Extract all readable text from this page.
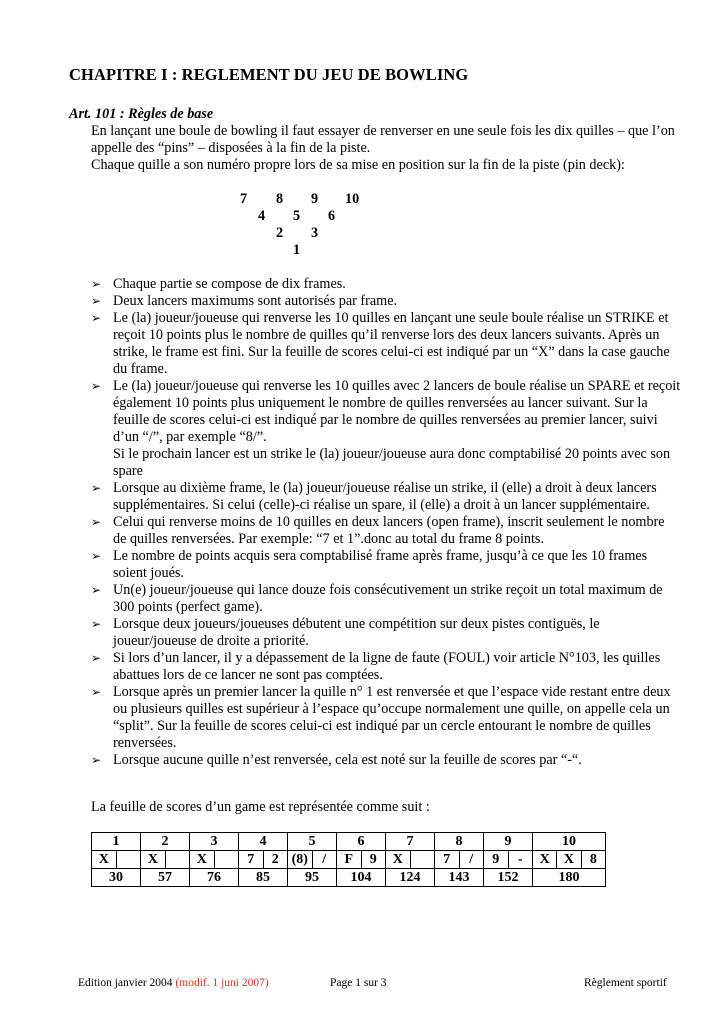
CHAPITRE I : REGLEMENT DU JEU DE BOWLING

Art. 101 : Règles de base

En lançant une boule de bowling il faut essayer de renverser en une seule fois les dix quilles – que l’on appelle des “pins” – disposées à la fin de la piste.

Chaque quille a son numéro propre lors de sa mise en position sur la fin de la piste (pin deck):

7 8 9 10
4 5 6
2 3
1
➢ Chaque partie se compose de dix frames.
➢ Deux lancers maximums sont autorisés par frame.
➢ Le (la) joueur/joueuse qui renverse les 10 quilles en lançant une seule boule réalise un STRIKE et reçoit 10 points plus le nombre de quilles qu’il renverse lors des deux lancers suivants. Après un strike, le frame est fini. Sur la feuille de scores celui-ci est indiqué par un “X” dans la case gauche du frame.
➢ Le (la) joueur/joueuse qui renverse les 10 quilles avec 2 lancers de boule réalise un SPARE et reçoit également 10 points plus uniquement le nombre de quilles renversées au lancer suivant. Sur la feuille de scores celui-ci est indiqué par le nombre de quilles renversées au premier lancer, suivi d’un “/”, par exemple “8/”.
Si le prochain lancer est un strike le (la) joueur/joueuse aura donc comptabilisé 20 points avec son spare
➢ Lorsque au dixième frame, le (la) joueur/joueuse réalise un strike, il (elle) a droit à deux lancers supplémentaires. Si celui (celle)-ci réalise un spare, il (elle) a droit à un lancer supplémentaire.
➢ Celui qui renverse moins de 10 quilles en deux lancers (open frame), inscrit seulement le nombre de quilles renversées. Par exemple: “7 et 1”.donc au total du frame 8 points.
➢ Le nombre de points acquis sera comptabilisé frame après frame, jusqu’à ce que les 10 frames soient joués.
➢ Un(e) joueur/joueuse qui lance douze fois consécutivement un strike reçoit un total maximum de 300 points (perfect game).
➢ Lorsque deux joueurs/joueuses débutent une compétition sur deux pistes contiguës, le joueur/joueuse de droite a priorité.
➢ Si lors d’un lancer, il y a dépassement de la ligne de faute (FOUL) voir article N°103, les quilles abattues lors de ce lancer ne sont pas comptées.
➢ Lorsque après un premier lancer la quille n° 1 est renversée et que l’espace vide restant entre deux ou plusieurs quilles est supérieur à l’espace qu’occupe normalement une quille, on appelle cela un “split”. Sur la feuille de scores celui-ci est indiqué par un cercle entourant le nombre de quilles renversées.
➢ Lorsque aucune quille n’est renversée, cela est noté sur la feuille de scores par “-“.

La feuille de scores d’un game est représentée comme suit :

1	2	3	4	5	6	7	8	9	10

X	X	X	7 2	(8) /	F 9	X	7 /	9 -	X X 8

30	57	76	85	95	104	124	143	152	180
Edition janvier 2004 (modif. 1 juni 2007)	Page 1 sur 3	Règlement sportif
